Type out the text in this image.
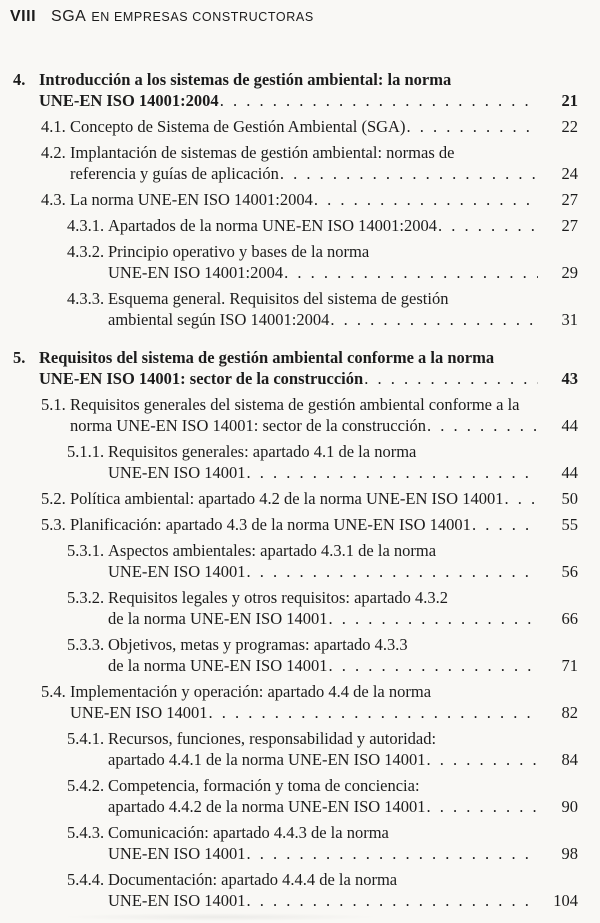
VIII SGA EN EMPRESAS CONSTRUCTORAS
4. Introducción a los sistemas de gestión ambiental: la norma
UNE-EN ISO 14001:2004 . . .	21
4.1. Concepto de Sistema de Gestión Ambiental (SGA) . . .	22
4.2. Implantación de sistemas de gestión ambiental: normas de
referencia y guías de aplicación . . .	24
4.3. La norma UNE-EN ISO 14001:2004 . . .	27
4.3.1. Apartados de la norma UNE-EN ISO 14001:2004 . . .	27
4.3.2. Principio operativo y bases de la norma
UNE-EN ISO 14001:2004 . . .	29
4.3.3. Esquema general. Requisitos del sistema de gestión
ambiental según ISO 14001:2004 . . .	31
5. Requisitos del sistema de gestión ambiental conforme a la norma
UNE-EN ISO 14001: sector de la construcción . . .	43
5.1. Requisitos generales del sistema de gestión ambiental conforme a la
norma UNE-EN ISO 14001: sector de la construcción . . .	44
5.1.1. Requisitos generales: apartado 4.1 de la norma
UNE-EN ISO 14001 . . .	44
5.2. Política ambiental: apartado 4.2 de la norma UNE-EN ISO 14001 . . .	50
5.3. Planificación: apartado 4.3 de la norma UNE-EN ISO 14001 . . .	55
5.3.1. Aspectos ambientales: apartado 4.3.1 de la norma
UNE-EN ISO 14001 . . .	56
5.3.2. Requisitos legales y otros requisitos: apartado 4.3.2
de la norma UNE-EN ISO 14001 . . .	66
5.3.3. Objetivos, metas y programas: apartado 4.3.3
de la norma UNE-EN ISO 14001 . . .	71
5.4. Implementación y operación: apartado 4.4 de la norma
UNE-EN ISO 14001 . . .	82
5.4.1. Recursos, funciones, responsabilidad y autoridad:
apartado 4.4.1 de la norma UNE-EN ISO 14001 . . .	84
5.4.2. Competencia, formación y toma de conciencia:
apartado 4.4.2 de la norma UNE-EN ISO 14001 . . .	90
5.4.3. Comunicación: apartado 4.4.3 de la norma
UNE-EN ISO 14001 . . .	98
5.4.4. Documentación: apartado 4.4.4 de la norma
UNE-EN ISO 14001 . . .	104
